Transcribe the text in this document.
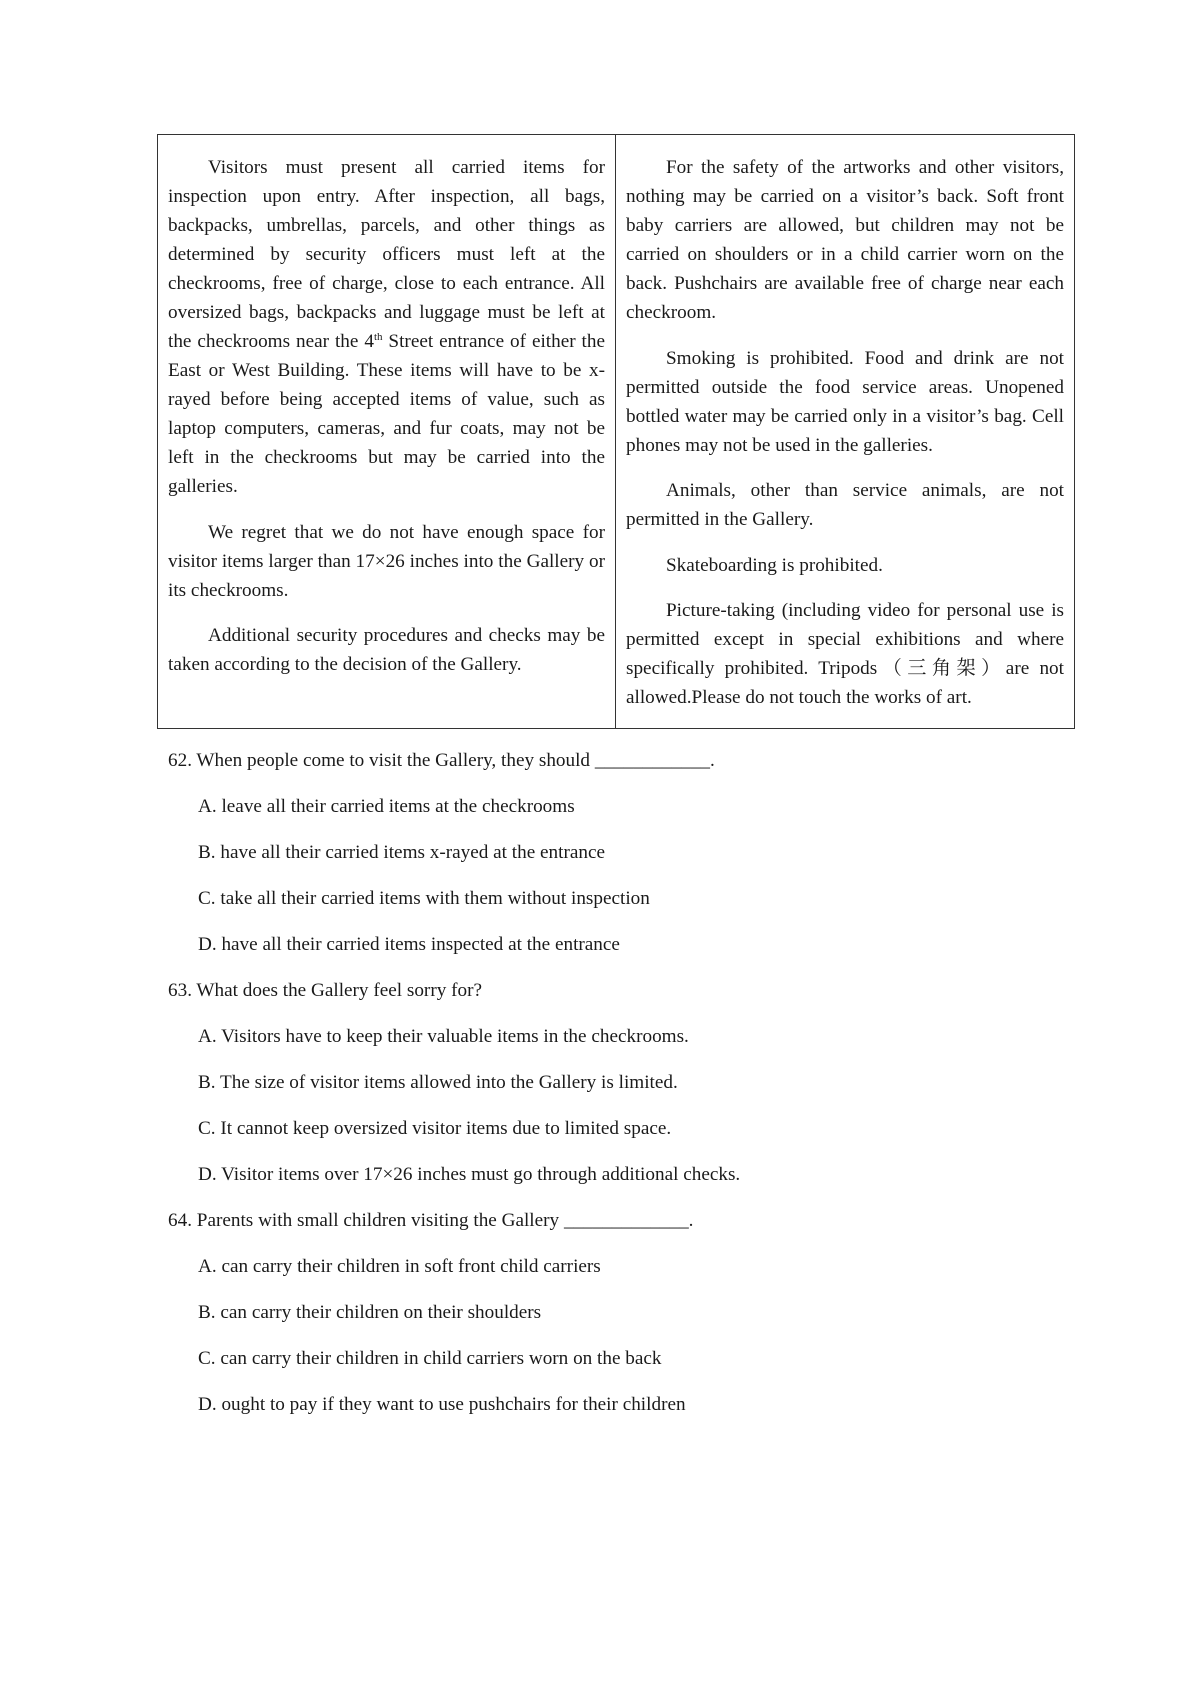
Visitors must present all carried items for inspection upon entry. After inspection, all bags, backpacks, umbrellas, parcels, and other things as determined by security officers must left at the checkrooms, free of charge, close to each entrance. All oversized bags, backpacks and luggage must be left at the checkrooms near the 4th Street entrance of either the East or West Building. These items will have to be x-rayed before being accepted items of value, such as laptop computers, cameras, and fur coats, may not be left in the checkrooms but may be carried into the galleries.

We regret that we do not have enough space for visitor items larger than 17×26 inches into the Gallery or its checkrooms.

Additional security procedures and checks may be taken according to the decision of the Gallery.

For the safety of the artworks and other visitors, nothing may be carried on a visitor’s back. Soft front baby carriers are allowed, but children may not be carried on shoulders or in a child carrier worn on the back. Pushchairs are available free of charge near each checkroom.

Smoking is prohibited. Food and drink are not permitted outside the food service areas. Unopened bottled water may be carried only in a visitor’s bag. Cell phones may not be used in the galleries.

Animals, other than service animals, are not permitted in the Gallery.

Skateboarding is prohibited.

Picture-taking (including video for personal use is permitted except in special exhibitions and where specifically prohibited. Tripods（三角架）are not allowed.Please do not touch the works of art.

62. When people come to visit the Gallery, they should ____________.

A. leave all their carried items at the checkrooms

B. have all their carried items x-rayed at the entrance

C. take all their carried items with them without inspection

D. have all their carried items inspected at the entrance

63. What does the Gallery feel sorry for?

A. Visitors have to keep their valuable items in the checkrooms.

B. The size of visitor items allowed into the Gallery is limited.

C. It cannot keep oversized visitor items due to limited space.

D. Visitor items over 17×26 inches must go through additional checks.

64. Parents with small children visiting the Gallery _____________.

A. can carry their children in soft front child carriers

B. can carry their children on their shoulders

C. can carry their children in child carriers worn on the back

D. ought to pay if they want to use pushchairs for their children
